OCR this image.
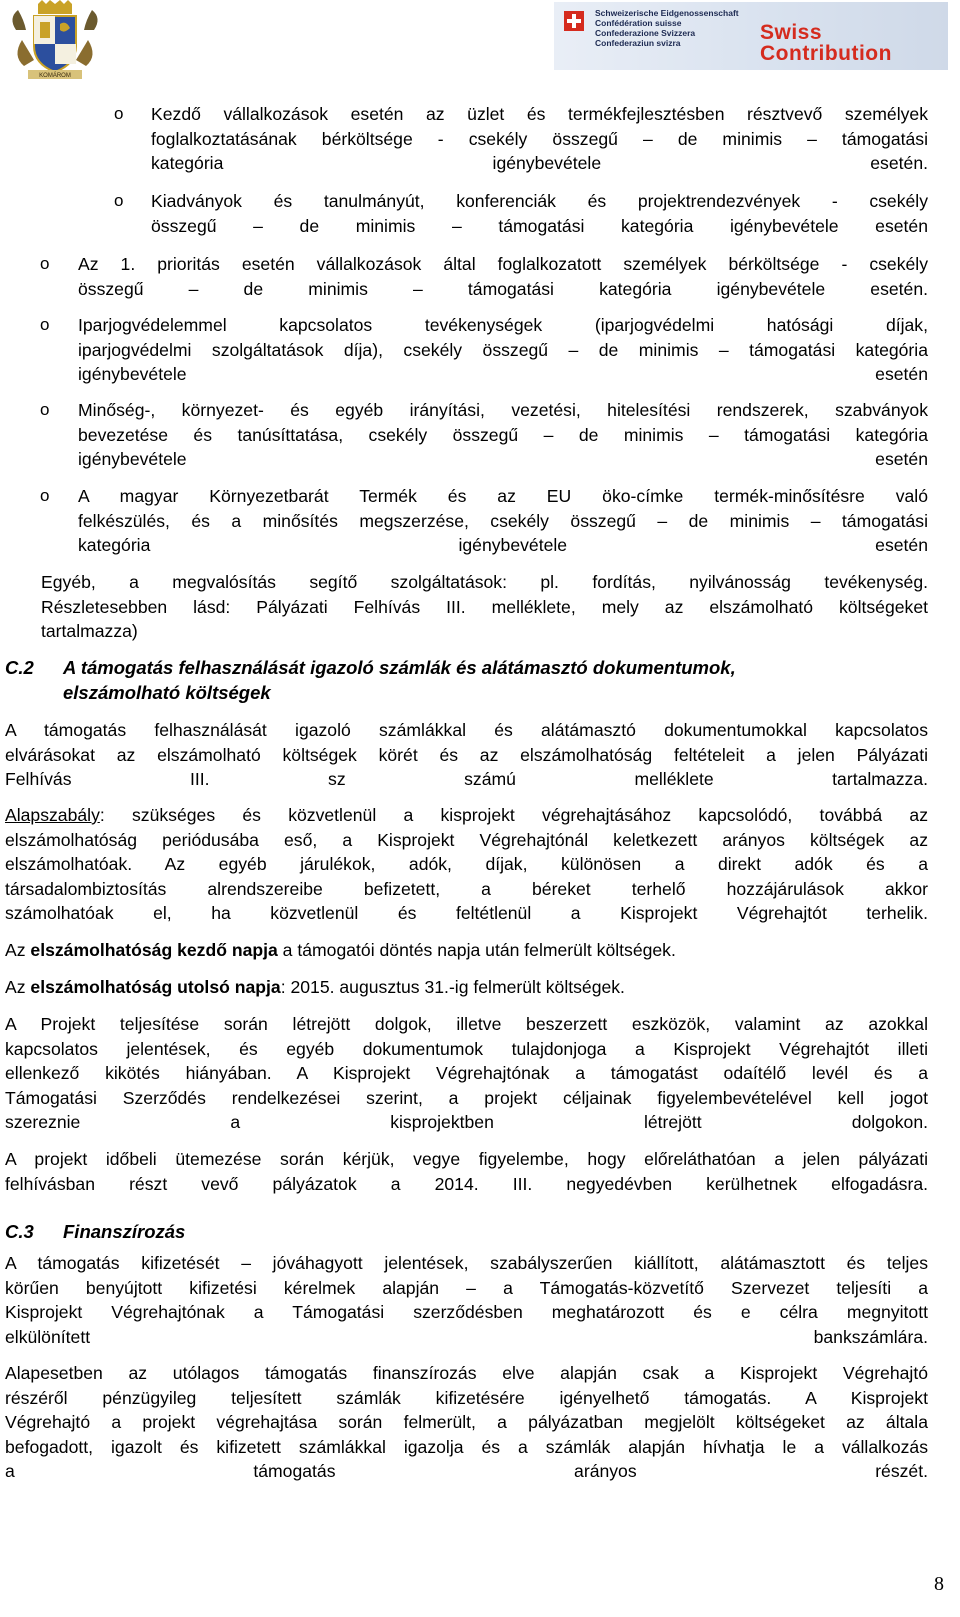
KOMÁROM
Schweizerische Eidgenossenschaft
Confédération suisse
Confederazione Svizzera
Confederaziun svizra	Swiss
Contribution
o Kezdő vállalkozások esetén az üzlet és termékfejlesztésben résztvevő személyek
foglalkoztatásának bérköltsége - csekély összegű – de minimis – támogatási
kategória igénybevétele esetén.
o Kiadványok és tanulmányút, konferenciák és projektrendezvények - csekély
összegű – de minimis – támogatási kategória igénybevétele esetén
o Az 1. prioritás esetén vállalkozások által foglalkozatott személyek bérköltsége - csekély
összegű – de minimis – támogatási kategória igénybevétele esetén.
o Iparjogvédelemmel kapcsolatos tevékenységek (iparjogvédelmi hatósági díjak,
iparjogvédelmi szolgáltatások díja), csekély összegű – de minimis – támogatási kategória
igénybevétele esetén
o Minőség-, környezet- és egyéb irányítási, vezetési, hitelesítési rendszerek, szabványok
bevezetése és tanúsíttatása, csekély összegű – de minimis – támogatási kategória
igénybevétele esetén
o A magyar Környezetbarát Termék és az EU öko-címke termék-minősítésre való
felkészülés, és a minősítés megszerzése, csekély összegű – de minimis – támogatási
kategória igénybevétele esetén
Egyéb, a megvalósítás segítő szolgáltatások: pl. fordítás, nyilvánosság tevékenység.
Részletesebben lásd: Pályázati Felhívás III. melléklete, mely az elszámolható költségeket
tartalmazza)
C.2 A támogatás felhasználását igazoló számlák és alátámasztó dokumentumok,
elszámolható költségek
A támogatás felhasználását igazoló számlákkal és alátámasztó dokumentumokkal kapcsolatos
elvárásokat az elszámolható költségek körét és az elszámolhatóság feltételeit a jelen Pályázati
Felhívás III. sz számú melléklete tartalmazza.
Alapszabály: szükséges és közvetlenül a kisprojekt végrehajtásához kapcsolódó, továbbá az
elszámolhatóság periódusába eső, a Kisprojekt Végrehajtónál keletkezett arányos költségek az
elszámolhatóak. Az egyéb járulékok, adók, díjak, különösen a direkt adók és a
társadalombiztosítás alrendszereibe befizetett, a béreket terhelő hozzájárulások akkor
számolhatóak el, ha közvetlenül és feltétlenül a Kisprojekt Végrehajtót terhelik.
Az elszámolhatóság kezdő napja a támogatói döntés napja után felmerült költségek.
Az elszámolhatóság utolsó napja: 2015. augusztus 31.-ig felmerült költségek.
A Projekt teljesítése során létrejött dolgok, illetve beszerzett eszközök, valamint az azokkal
kapcsolatos jelentések, és egyéb dokumentumok tulajdonjoga a Kisprojekt Végrehajtót illeti
ellenkező kikötés hiányában. A Kisprojekt Végrehajtónak a támogatást odaítélő levél és a
Támogatási Szerződés rendelkezései szerint, a projekt céljainak figyelembevételével kell jogot
szereznie a kisprojektben létrejött dolgokon.
A projekt időbeli ütemezése során kérjük, vegye figyelembe, hogy előreláthatóan a jelen pályázati
felhívásban részt vevő pályázatok a 2014. III. negyedévben kerülhetnek elfogadásra.
C.3 Finanszírozás
A támogatás kifizetését – jóváhagyott jelentések, szabályszerűen kiállított, alátámasztott és teljes
körűen benyújtott kifizetési kérelmek alapján – a Támogatás-közvetítő Szervezet teljesíti a
Kisprojekt Végrehajtónak a Támogatási szerződésben meghatározott és e célra megnyitott
elkülönített bankszámlára.
Alapesetben az utólagos támogatás finanszírozás elve alapján csak a Kisprojekt Végrehajtó
részéről pénzügyileg teljesített számlák kifizetésére igényelhető támogatás. A Kisprojekt
Végrehajtó a projekt végrehajtása során felmerült, a pályázatban megjelölt költségeket az általa
befogadott, igazolt és kifizetett számlákkal igazolja és a számlák alapján hívhatja le a vállalkozás
a támogatás arányos részét.
8
